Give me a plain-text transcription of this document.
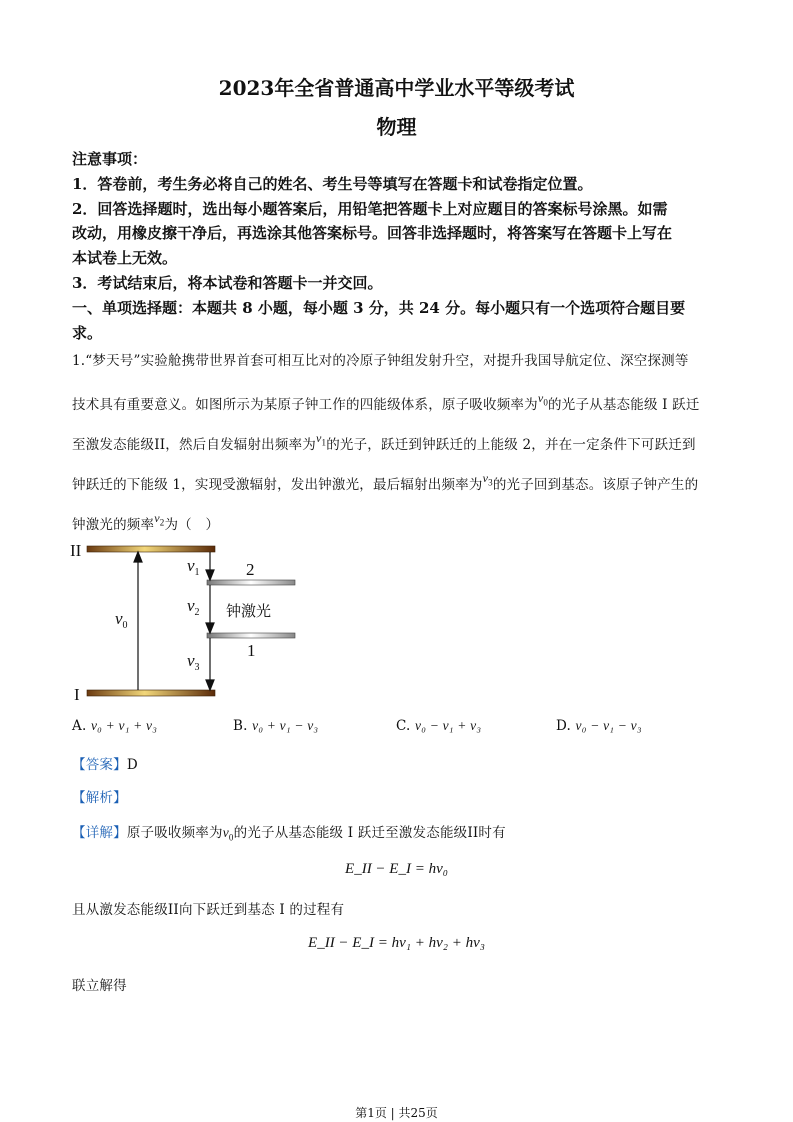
2023年全省普通高中学业水平等级考试
物理
注意事项：
1．答卷前，考生务必将自己的姓名、考生号等填写在答题卡和试卷指定位置。
2．回答选择题时，选出每小题答案后，用铅笔把答题卡上对应题目的答案标号涂黑。如需
改动，用橡皮擦干净后，再选涂其他答案标号。回答非选择题时，将答案写在答题卡上写在
本试卷上无效。
3．考试结束后，将本试卷和答题卡一并交回。
一、单项选择题：本题共 8 小题，每小题 3 分，共 24 分。每小题只有一个选项符合题目要
求。
1.“梦天号”实验舱携带世界首套可相互比对的冷原子钟组发射升空，对提升我国导航定位、深空探测等
技术具有重要意义。如图所示为某原子钟工作的四能级体系，原子吸收频率为$v_0$的光子从基态能级 I 跃迁
至激发态能级II，然后自发辐射出频率为$v_1$的光子，跃迁到钟跃迁的上能级 2，并在一定条件下可跃迁到
钟跃迁的下能级 1，实现受激辐射，发出钟激光，最后辐射出频率为$v_3$的光子回到基态。该原子钟产生的
钟激光的频率$v_2$为（　）
II
I
2
1
钟激光
$v_0$
$v_1$
$v_2$
$v_3$
A. v₀ + v₁ + v₃	B. v₀ + v₁ − v₃	C. v₀ − v₁ + v₃	D. v₀ − v₁ − v₃
【答案】D
【解析】
【详解】原子吸收频率为$v_0$的光子从基态能级 I 跃迁至激发态能级II时有
E_II − E_I = hv₀
且从激发态能级II向下跃迁到基态 I 的过程有
E_II − E_I = hv₁ + hv₂ + hv₃
联立解得
第1页 | 共25页
